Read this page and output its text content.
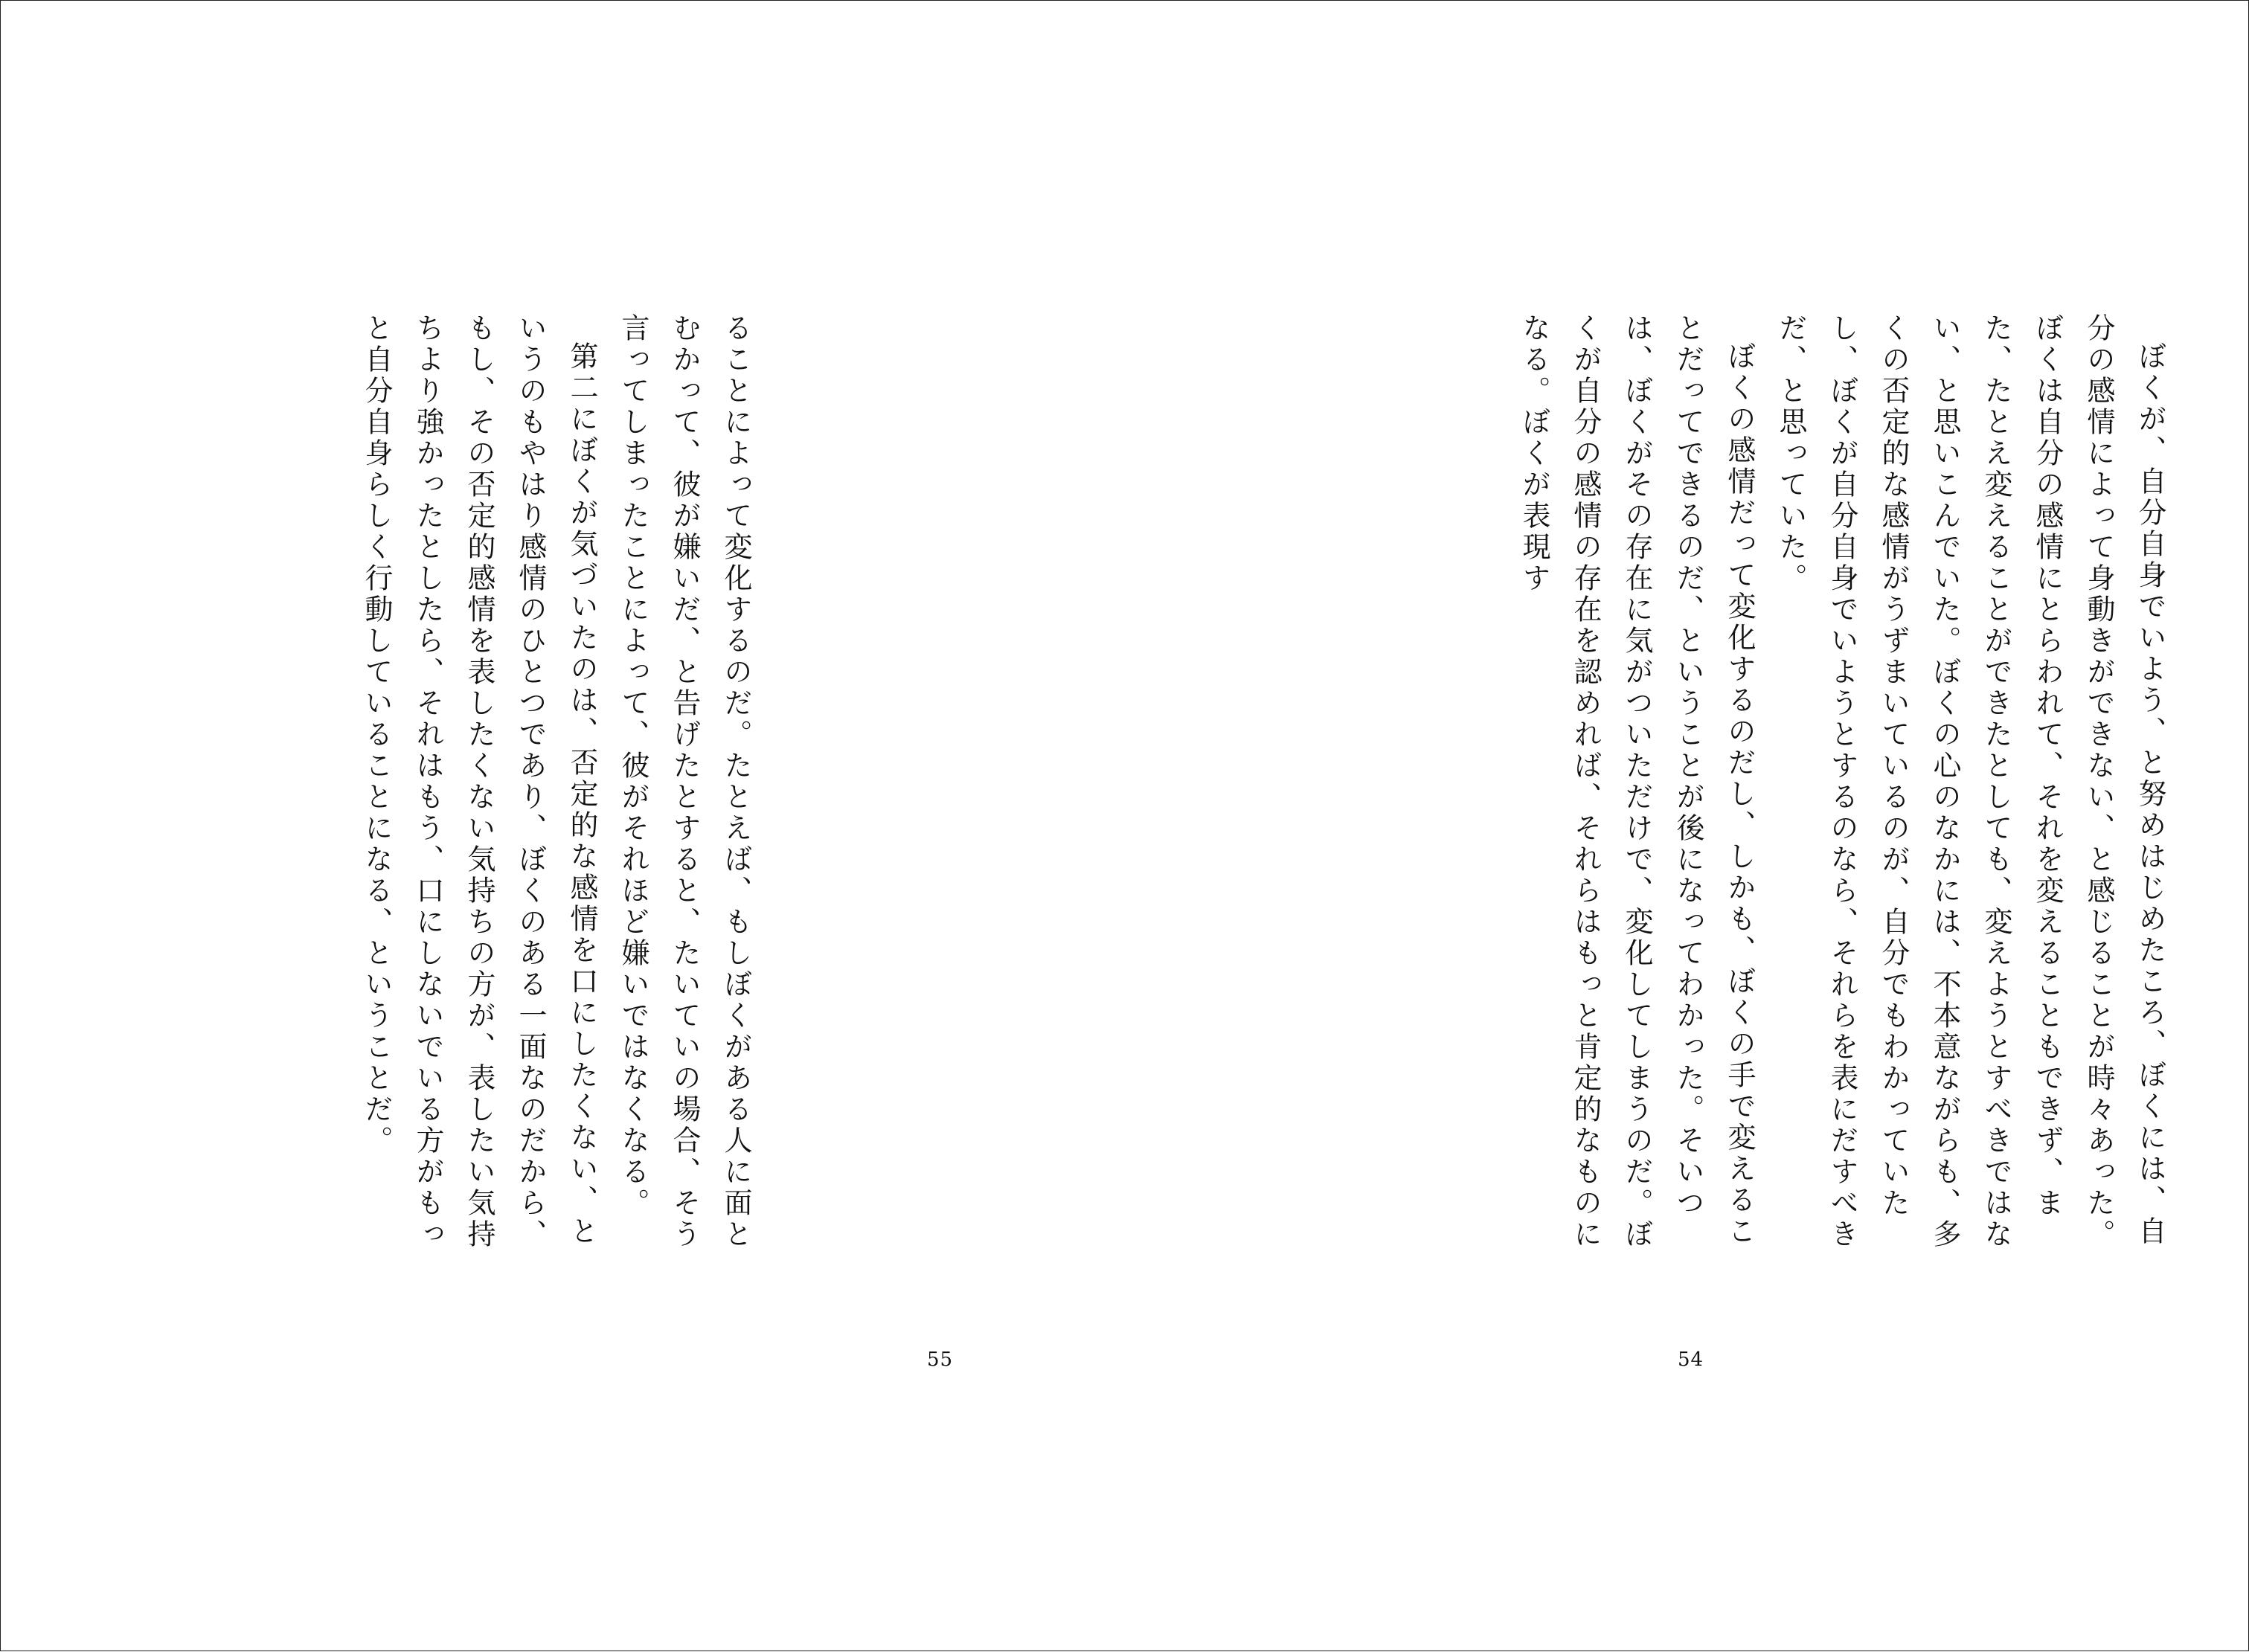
ることによって変化するのだ。たとえば、もしぼくがある人に面とむかって、彼が嫌いだ、と告げたとすると、たいていの場合、そう言ってしまったことによって、彼がそれほど嫌いではなくなる。

第二にぼくが気づいたのは、否定的な感情を口にしたくない、というのもやはり感情のひとつであり、ぼくのある一面なのだから、もし、その否定的感情を表したくない気持ちの方が、表したい気持ちより強かったとしたら、それはもう、口にしないでいる方がもっと自分自身らしく行動していることになる、ということだ。

55

ぼくが、自分自身でいよう、と努めはじめたころ、ぼくには、自分の感情によって身動きができない、と感じることが時々あった。ぼくは自分の感情にとらわれて、それを変えることもできず、また、たとえ変えることができたとしても、変えようとすべきではない、と思いこんでいた。ぼくの心のなかには、不本意ながらも、多くの否定的な感情がうずまいているのが、自分でもわかっていたし、ぼくが自分自身でいようとするのなら、それらを表にだすべきだ、と思っていた。

ぼくの感情だって変化するのだし、しかも、ぼくの手で変えることだってできるのだ、ということが後になってわかった。そいつは、ぼくがその存在に気がついただけで、変化してしまうのだ。ぼくが自分の感情の存在を認めれば、それらはもっと肯定的なものになる。ぼくが表現す

54
